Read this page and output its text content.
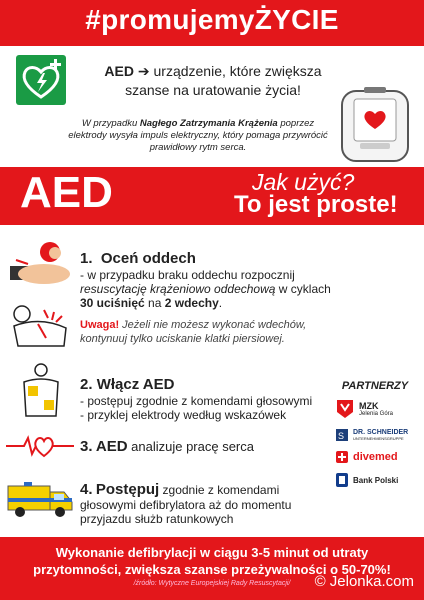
#promujemyŻYCIE
AED ➔ urządzenie, które zwiększa
szanse na uratowanie życia!
W przypadku Nagłego Zatrzymania Krążenia poprzez elektrody wysyła impuls elektryczny, który pomaga przywrócić prawidłowy rytm serca.
AED	Jak użyć?
To jest proste!
1. Oceń oddech
- w przypadku braku oddechu rozpocznij
resuscytację krążeniowo oddechową w cyklach
30 uciśnięć na 2 wdechy.
Uwaga! Jeżeli nie możesz wykonać wdechów,
kontynuuj tylko uciskanie klatki piersiowej.
2. Włącz AED
- postępuj zgodnie z komendami głosowymi
- przyklej elektrody według wskazówek
3. AED analizuje pracę serca
4. Postępuj zgodnie z komendami
głosowymi defibrylatora aż do momentu
przyjazdu służb ratunkowych
PARTNERZY
MZK
Jelenia Góra
S DR. SCHNEIDER
UNTERNEHMENSGRUPPE
divemed
Bank Polski
Wykonanie defibrylacji w ciągu 3-5 minut od utraty
przytomności, zwiększa szanse przeżywalności o 50-70%!
/źródło: Wytyczne Europejskiej Rady Resuscytacji/	© Jelonka.com
